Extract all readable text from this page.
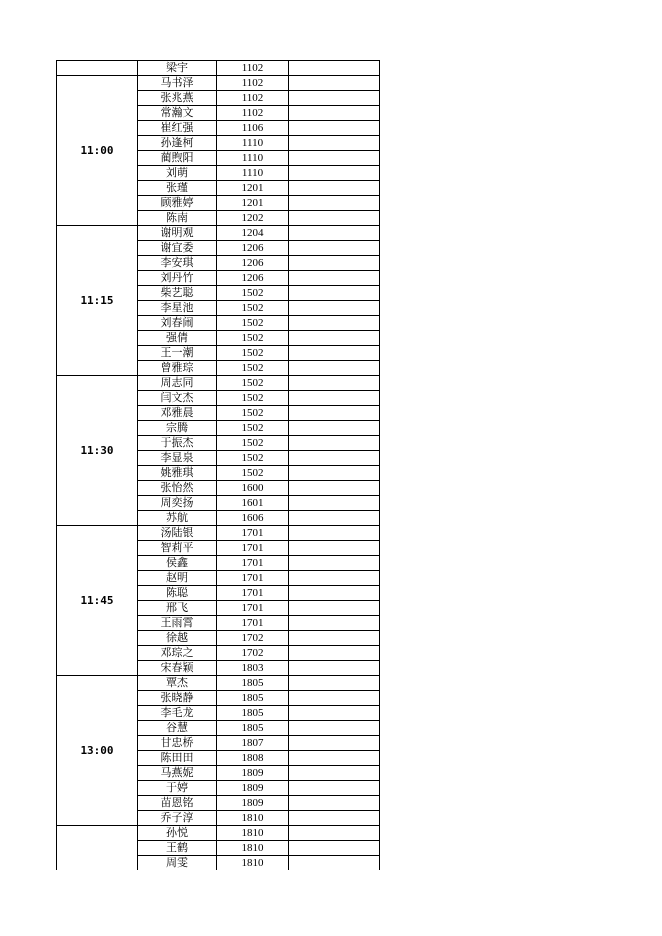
	梁宇	1102	
11:00	马书泽	1102	
	张兆燕	1102	
	常瀚文	1102	
	崔红强	1106	
	孙逢柯	1110	
	蔺煦阳	1110	
	刘萌	1110	
	张瑾	1201	
	顾雅婷	1201	
	陈南	1202	
11:15	谢明观	1204	
	谢宜委	1206	
	李安琪	1206	
	刘丹竹	1206	
	柴艺聪	1502	
	李星池	1502	
	刘春闹	1502	
	强倩	1502	
	王一潮	1502	
	曾雅琮	1502	
11:30	周志同	1502	
	闫文杰	1502	
	邓雅晨	1502	
	宗腾	1502	
	于振杰	1502	
	李显泉	1502	
	姚雅琪	1502	
	张怡然	1600	
	周奕扬	1601	
	苏航	1606	
11:45	汤陆银	1701	
	智莉平	1701	
	侯鑫	1701	
	赵明	1701	
	陈聪	1701	
	邢飞	1701	
	王雨霄	1701	
	徐越	1702	
	邓琮之	1702	
	宋春颖	1803	
13:00	覃杰	1805	
	张晓静	1805	
	李毛龙	1805	
	谷慧	1805	
	甘忠桥	1807	
	陈田田	1808	
	马燕妮	1809	
	于婷	1809	
	苗恩铭	1809	
	乔子淳	1810	
	孙悦	1810	
	王鹤	1810	
	周雯	1810	
